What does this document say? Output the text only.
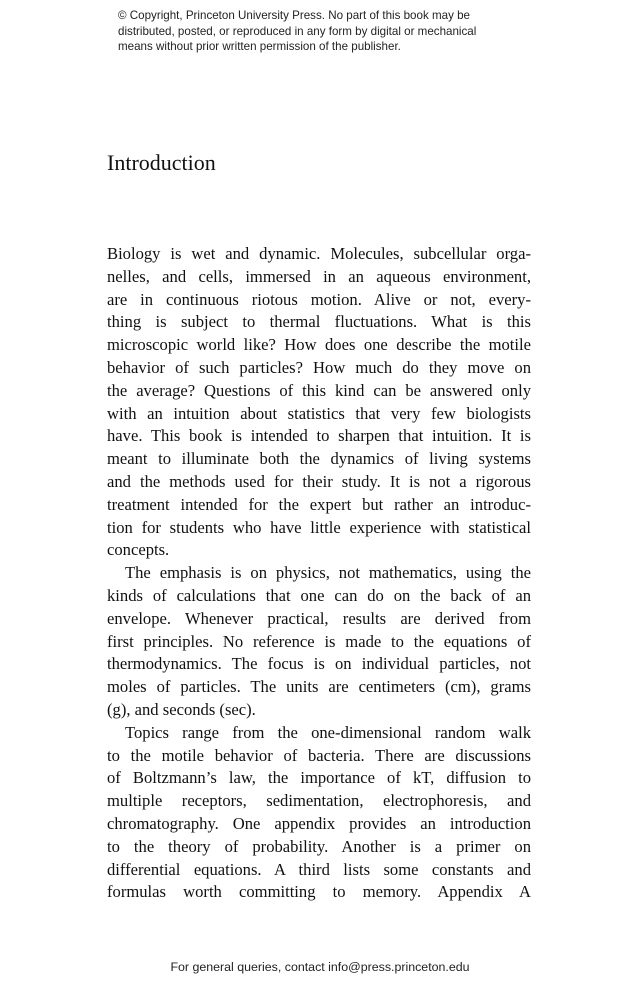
© Copyright, Princeton University Press. No part of this book may be
distributed, posted, or reproduced in any form by digital or mechanical
means without prior written permission of the publisher.
Introduction
Biology is wet and dynamic. Molecules, subcellular orga-
nelles, and cells, immersed in an aqueous environment,
are in continuous riotous motion. Alive or not, every-
thing is subject to thermal fluctuations. What is this
microscopic world like? How does one describe the motile
behavior of such particles? How much do they move on
the average? Questions of this kind can be answered only
with an intuition about statistics that very few biologists
have. This book is intended to sharpen that intuition. It is
meant to illuminate both the dynamics of living systems
and the methods used for their study. It is not a rigorous
treatment intended for the expert but rather an introduc-
tion for students who have little experience with statistical
concepts.
The emphasis is on physics, not mathematics, using the
kinds of calculations that one can do on the back of an
envelope. Whenever practical, results are derived from
first principles. No reference is made to the equations of
thermodynamics. The focus is on individual particles, not
moles of particles. The units are centimeters (cm), grams
(g), and seconds (sec).
Topics range from the one-dimensional random walk
to the motile behavior of bacteria. There are discussions
of Boltzmann’s law, the importance of kT, diffusion to
multiple receptors, sedimentation, electrophoresis, and
chromatography. One appendix provides an introduction
to the theory of probability. Another is a primer on
differential equations. A third lists some constants and
formulas worth committing to memory. Appendix A
For general queries, contact info@press.princeton.edu
